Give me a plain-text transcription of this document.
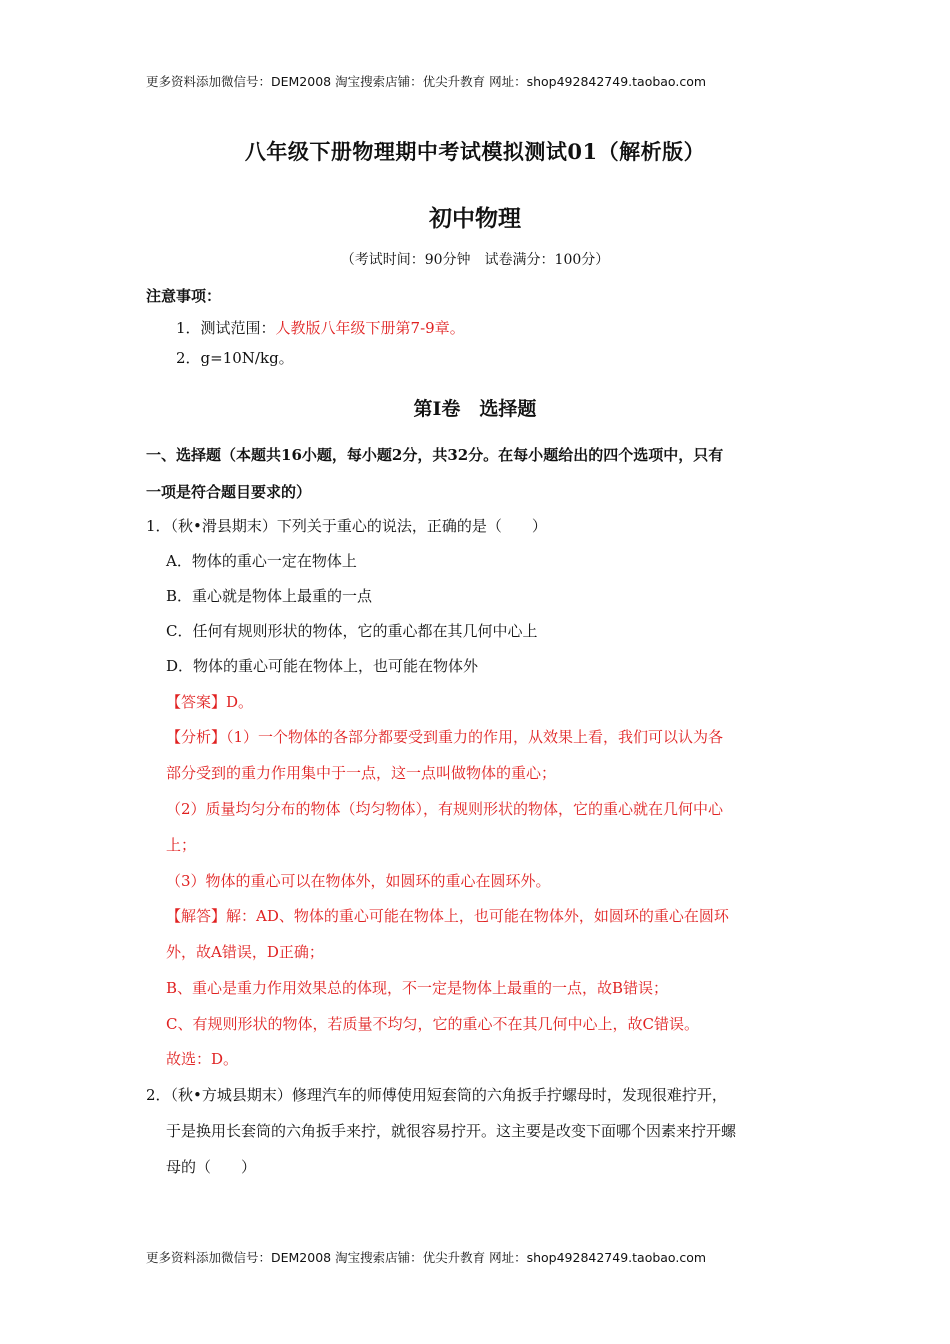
更多资料添加微信号：DEM2008 淘宝搜索店铺：优尖升教育 网址：shop492842749.taobao.com
八年级下册物理期中考试模拟测试01（解析版）
初中物理
（考试时间：90分钟　试卷满分：100分）
注意事项：
1．测试范围：人教版八年级下册第7-9章。
2．g=10N/kg。
第Ⅰ卷　选择题
一、选择题（本题共16小题，每小题2分，共32分。在每小题给出的四个选项中，只有
一项是符合题目要求的）
1．（秋•滑县期末）下列关于重心的说法，正确的是（　　）
A．物体的重心一定在物体上
B．重心就是物体上最重的一点
C．任何有规则形状的物体，它的重心都在其几何中心上
D．物体的重心可能在物体上，也可能在物体外
【答案】D。
【分析】（1）一个物体的各部分都要受到重力的作用，从效果上看，我们可以认为各
部分受到的重力作用集中于一点，这一点叫做物体的重心；
（2）质量均匀分布的物体（均匀物体），有规则形状的物体，它的重心就在几何中心
上；
（3）物体的重心可以在物体外，如圆环的重心在圆环外。
【解答】解：AD、物体的重心可能在物体上，也可能在物体外，如圆环的重心在圆环
外，故A错误，D正确；
B、重心是重力作用效果总的体现，不一定是物体上最重的一点，故B错误；
C、有规则形状的物体，若质量不均匀，它的重心不在其几何中心上，故C错误。
故选：D。
2．（秋•方城县期末）修理汽车的师傅使用短套筒的六角扳手拧螺母时，发现很难拧开，
于是换用长套筒的六角扳手来拧，就很容易拧开。这主要是改变下面哪个因素来拧开螺
母的（　　）
更多资料添加微信号：DEM2008 淘宝搜索店铺：优尖升教育 网址：shop492842749.taobao.com
